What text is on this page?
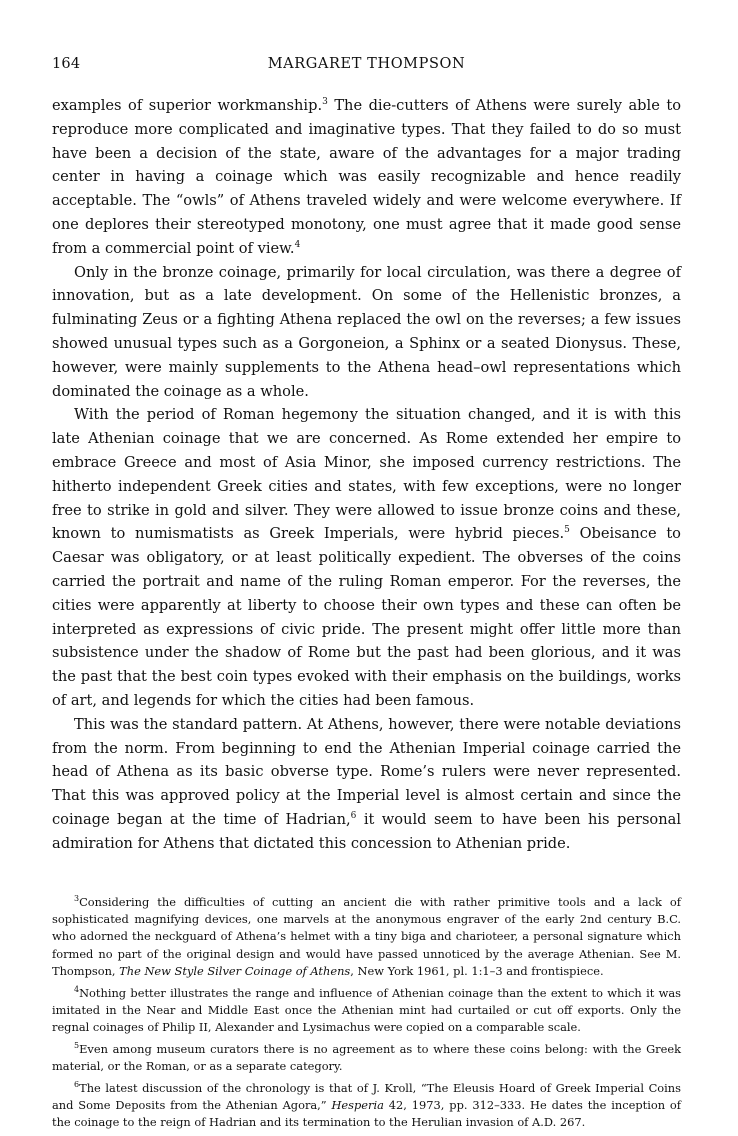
164	MARGARET THOMPSON

examples of superior workmanship.$^3$ The die-cutters of Athens were surely able to reproduce more complicated and imaginative types. That they failed to do so must have been a decision of the state, aware of the advantages for a major trading center in having a coinage which was easily recognizable and hence readily acceptable. The “owls” of Athens traveled widely and were welcome everywhere. If one deplores their stereotyped monotony, one must agree that it made good sense from a commercial point of view.$^4$

Only in the bronze coinage, primarily for local circulation, was there a degree of innovation, but as a late development. On some of the Hellenistic bronzes, a fulminating Zeus or a fighting Athena replaced the owl on the reverses; a few issues showed unusual types such as a Gorgoneion, a Sphinx or a seated Dionysus. These, however, were mainly supplements to the Athena head–owl representations which dominated the coinage as a whole.

With the period of Roman hegemony the situation changed, and it is with this late Athenian coinage that we are concerned. As Rome extended her empire to embrace Greece and most of Asia Minor, she imposed currency restrictions. The hitherto independent Greek cities and states, with few exceptions, were no longer free to strike in gold and silver. They were allowed to issue bronze coins and these, known to numismatists as Greek Imperials, were hybrid pieces.$^5$ Obeisance to Caesar was obligatory, or at least politically expedient. The obverses of the coins carried the portrait and name of the ruling Roman emperor. For the reverses, the cities were apparently at liberty to choose their own types and these can often be interpreted as expressions of civic pride. The present might offer little more than subsistence under the shadow of Rome but the past had been glorious, and it was the past that the best coin types evoked with their emphasis on the buildings, works of art, and legends for which the cities had been famous.

This was the standard pattern. At Athens, however, there were notable deviations from the norm. From beginning to end the Athenian Imperial coinage carried the head of Athena as its basic obverse type. Rome’s rulers were never represented. That this was approved policy at the Imperial level is almost certain and since the coinage began at the time of Hadrian,$^6$ it would seem to have been his personal admiration for Athens that dictated this concession to Athenian pride.

$^3$Considering the difficulties of cutting an ancient die with rather primitive tools and a lack of sophisticated magnifying devices, one marvels at the anonymous engraver of the early 2nd century B.C. who adorned the neckguard of Athena’s helmet with a tiny biga and charioteer, a personal signature which formed no part of the original design and would have passed unnoticed by the average Athenian. See M. Thompson, The New Style Silver Coinage of Athens, New York 1961, pl. 1:1–3 and frontispiece.

$^4$Nothing better illustrates the range and influence of Athenian coinage than the extent to which it was imitated in the Near and Middle East once the Athenian mint had curtailed or cut off exports. Only the regnal coinages of Philip II, Alexander and Lysimachus were copied on a comparable scale.

$^5$Even among museum curators there is no agreement as to where these coins belong: with the Greek material, or the Roman, or as a separate category.

$^6$The latest discussion of the chronology is that of J. Kroll, “The Eleusis Hoard of Greek Imperial Coins and Some Deposits from the Athenian Agora,” Hesperia 42, 1973, pp. 312–333. He dates the inception of the coinage to the reign of Hadrian and its termination to the Herulian invasion of A.D. 267.
